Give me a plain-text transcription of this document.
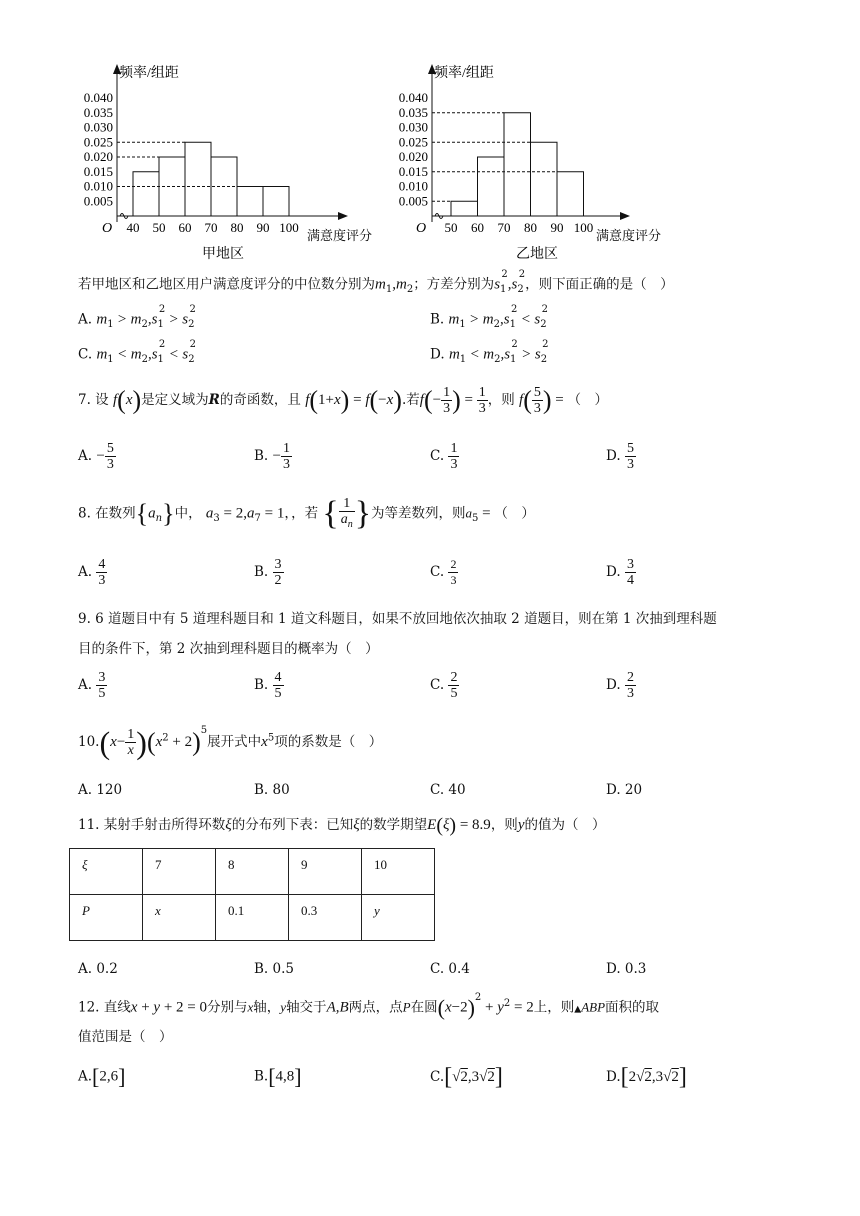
频率/组距
满意度评分
O
0.040
0.035
0.030
0.025
0.020
0.015
0.010
0.005
40 50 60 70 80 90 100
甲地区
频率/组距
满意度评分
O
0.040
0.035
0.030
0.025
0.020
0.015
0.010
0.005
50 60 70 80 90 100
乙地区
若甲地区和乙地区用户满意度评分的中位数分别为$m_1,m_2$；方差分别为$s_1^2,s_2^2$，则下面正确的是（　）
A. $m_1 > m_2,s_1^2 > s_2^2$
B. $m_1 > m_2,s_1^2 < s_2^2$
C. $m_1 < m_2,s_1^2 < s_2^2$
D. $m_1 < m_2,s_1^2 > s_2^2$
7. 设 f(x)是定义域为R的奇函数，且 f(1+x) = f(−x).若$f(- \frac{1}{3}$ ) = $\frac{1}{3}$ ，则 $f( \frac{5}{3}$ ) = （　）
A. − $\frac{5}{3}$	B. − $\frac{1}{3}$	C. $\frac{1}{3}$	D. $\frac{5}{3}$
8. 在数列$\{a_n\}$中， $a_3 = 2,a_7 = 1$，，若 { $\frac{1}{a_n}$ }为等差数列，则$a_5$ = （　）
A. $\frac{4}{3}$	B. $\frac{3}{2}$	C. $\frac{2}{3}$	D. $\frac{3}{4}$
9. 6 道题目中有 5 道理科题目和 1 道文科题目，如果不放回地依次抽取 2 道题目，则在第 1 次抽到理科题
目的条件下，第 2 次抽到理科题目的概率为（　）
A. $\frac{3}{5}$	B. $\frac{4}{5}$	C. $\frac{2}{5}$	D. $\frac{2}{3}$
$10.(x- \frac{1}{x} )(x^2 + 2)^5$展开式中$x^5$项的系数是（　）
A. 120	B. 80	C. 40	D. 20
11. 某射手射击所得环数ξ的分布列下表：已知ξ的数学期望E(ξ) = 8.9，则y的值为（　）
ξ	7	8	9	10
P	x	0.1	0.3	y
A. 0.2	B. 0.5	C. 0.4	D. 0.3
12. 直线x + y + 2 = 0分别与x轴，y轴交于A,B两点，点P在圆$(x-2)^2 + y^2 = 2$上，则▲ABP面积的取
值范围是（　）
A.[2,6]	B.[4,8]	C.[√2,3√2]	D.[2√2,3√2]
